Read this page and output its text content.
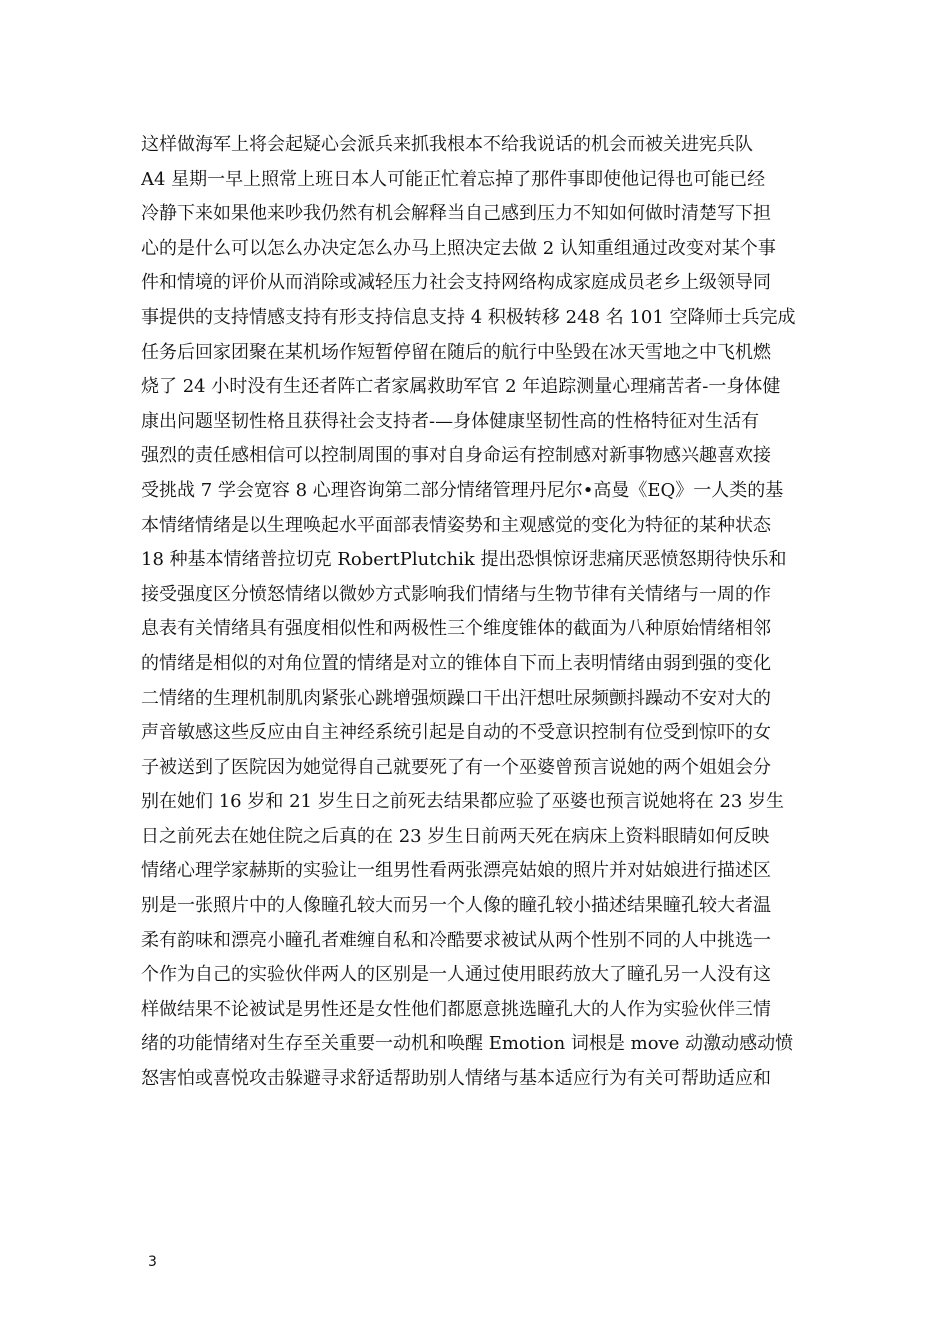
这样做海军上将会起疑心会派兵来抓我根本不给我说话的机会而被关进宪兵队
A4 星期一早上照常上班日本人可能正忙着忘掉了那件事即使他记得也可能已经
冷静下来如果他来吵我仍然有机会解释当自己感到压力不知如何做时清楚写下担
心的是什么可以怎么办决定怎么办马上照决定去做 2 认知重组通过改变对某个事
件和情境的评价从而消除或减轻压力社会支持网络构成家庭成员老乡上级领导同
事提供的支持情感支持有形支持信息支持 4 积极转移 248 名 101 空降师士兵完成
任务后回家团聚在某机场作短暂停留在随后的航行中坠毁在冰天雪地之中飞机燃
烧了 24 小时没有生还者阵亡者家属救助军官 2 年追踪测量心理痛苦者-一身体健
康出问题坚韧性格且获得社会支持者-—身体健康坚韧性高的性格特征对生活有
强烈的责任感相信可以控制周围的事对自身命运有控制感对新事物感兴趣喜欢接
受挑战 7 学会宽容 8 心理咨询第二部分情绪管理丹尼尔•高曼《EQ》一人类的基
本情绪情绪是以生理唤起水平面部表情姿势和主观感觉的变化为特征的某种状态
18 种基本情绪普拉切克 RobertPlutchik 提出恐惧惊讶悲痛厌恶愤怒期待快乐和
接受强度区分愤怒情绪以微妙方式影响我们情绪与生物节律有关情绪与一周的作
息表有关情绪具有强度相似性和两极性三个维度锥体的截面为八种原始情绪相邻
的情绪是相似的对角位置的情绪是对立的锥体自下而上表明情绪由弱到强的变化
二情绪的生理机制肌肉紧张心跳增强烦躁口干出汗想吐尿频颤抖躁动不安对大的
声音敏感这些反应由自主神经系统引起是自动的不受意识控制有位受到惊吓的女
子被送到了医院因为她觉得自己就要死了有一个巫婆曾预言说她的两个姐姐会分
别在她们 16 岁和 21 岁生日之前死去结果都应验了巫婆也预言说她将在 23 岁生
日之前死去在她住院之后真的在 23 岁生日前两天死在病床上资料眼睛如何反映
情绪心理学家赫斯的实验让一组男性看两张漂亮姑娘的照片并对姑娘进行描述区
别是一张照片中的人像瞳孔较大而另一个人像的瞳孔较小描述结果瞳孔较大者温
柔有韵味和漂亮小瞳孔者难缠自私和冷酷要求被试从两个性别不同的人中挑选一
个作为自己的实验伙伴两人的区别是一人通过使用眼药放大了瞳孔另一人没有这
样做结果不论被试是男性还是女性他们都愿意挑选瞳孔大的人作为实验伙伴三情
绪的功能情绪对生存至关重要一动机和唤醒 Emotion 词根是 move 动激动感动愤
怒害怕或喜悦攻击躲避寻求舒适帮助别人情绪与基本适应行为有关可帮助适应和
3
